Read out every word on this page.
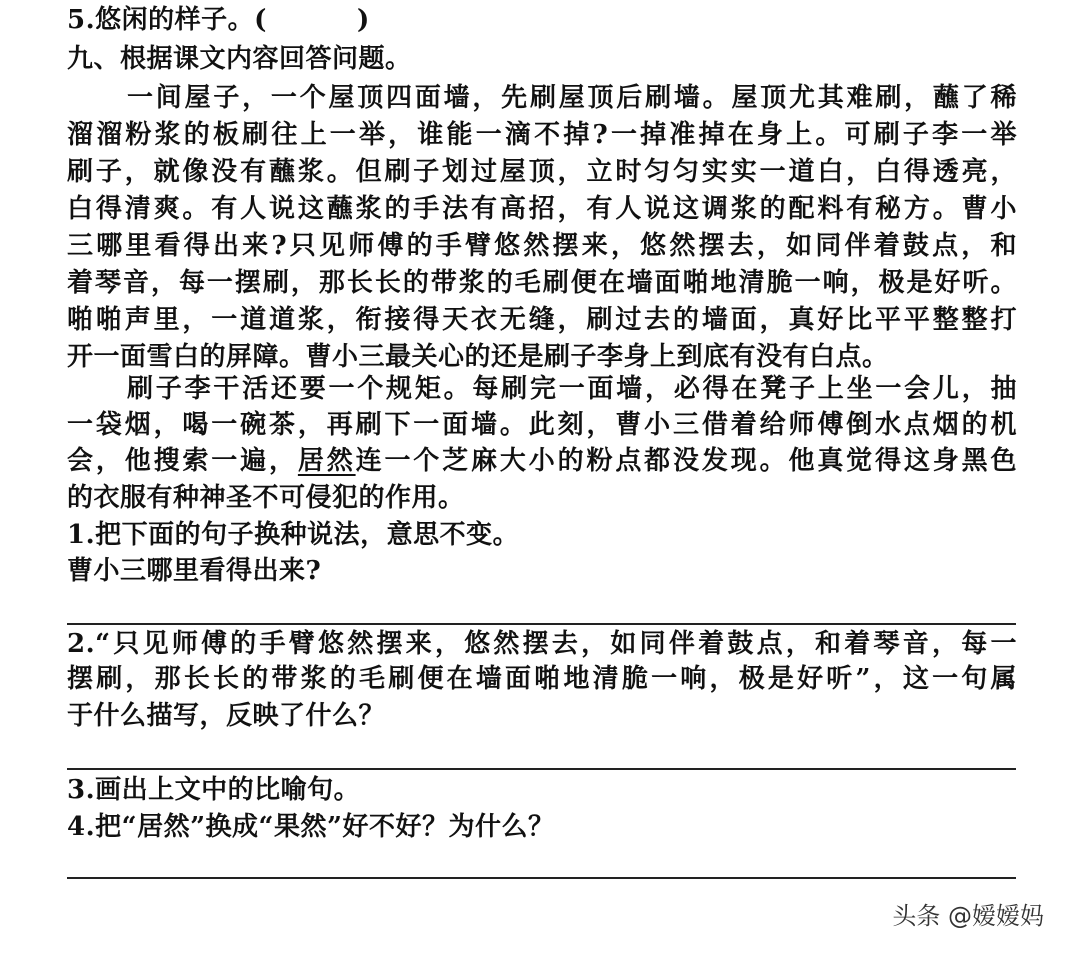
5.悠闲的样子。(	)
九、根据课文内容回答问题。
一间屋子，一个屋顶四面墙，先刷屋顶后刷墙。屋顶尤其难刷，蘸了稀
溜溜粉浆的板刷往上一举，谁能一滴不掉?一掉准掉在身上。可刷子李一举
刷子，就像没有蘸浆。但刷子划过屋顶，立时匀匀实实一道白，白得透亮，
白得清爽。有人说这蘸浆的手法有高招，有人说这调浆的配料有秘方。曹小
三哪里看得出来?只见师傅的手臂悠然摆来，悠然摆去，如同伴着鼓点，和
着琴音，每一摆刷，那长长的带浆的毛刷便在墙面啪地清脆一响，极是好听。
啪啪声里，一道道浆，衔接得天衣无缝，刷过去的墙面，真好比平平整整打
开一面雪白的屏障。曹小三最关心的还是刷子李身上到底有没有白点。
刷子李干活还要一个规矩。每刷完一面墙，必得在凳子上坐一会儿，抽
一袋烟，喝一碗茶，再刷下一面墙。此刻，曹小三借着给师傅倒水点烟的机
会，他搜索一遍，居然连一个芝麻大小的粉点都没发现。他真觉得这身黑色
的衣服有种神圣不可侵犯的作用。
1.把下面的句子换种说法，意思不变。
曹小三哪里看得出来?
2.“只见师傅的手臂悠然摆来，悠然摆去，如同伴着鼓点，和着琴音，每一
摆刷，那长长的带浆的毛刷便在墙面啪地清脆一响，极是好听”，这一句属
于什么描写，反映了什么？
3.画出上文中的比喻句。
4.把“居然”换成“果然”好不好？为什么？
头条 @嫒嫒妈
